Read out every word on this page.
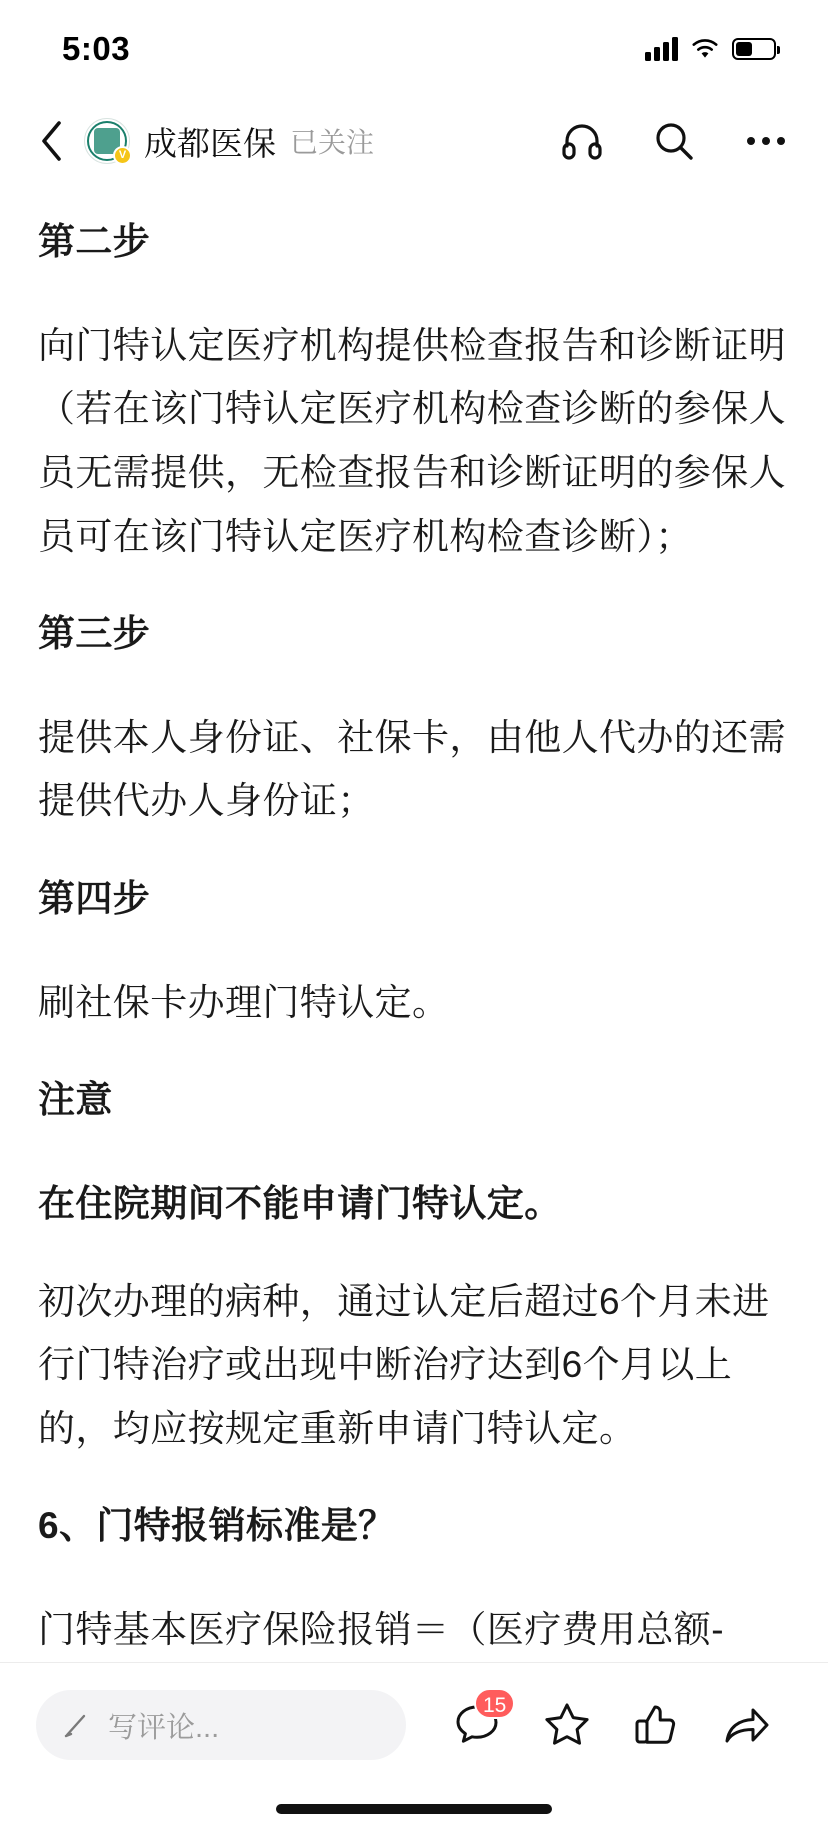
5:03
V 成都医保 已关注

第二步

向门特认定医疗机构提供检查报告和诊断证明（若在该门特认定医疗机构检查诊断的参保人员无需提供，无检查报告和诊断证明的参保人员可在该门特认定医疗机构检查诊断）；

第三步

提供本人身份证、社保卡，由他人代办的还需提供代办人身份证；

第四步

刷社保卡办理门特认定。

注意

在住院期间不能申请门特认定。

初次办理的病种，通过认定后超过6个月未进行门特治疗或出现中断治疗达到6个月以上的，均应按规定重新申请门特认定。

6、门特报销标准是？

门特基本医疗保险报销＝（医疗费用总额-

写评论...
15
